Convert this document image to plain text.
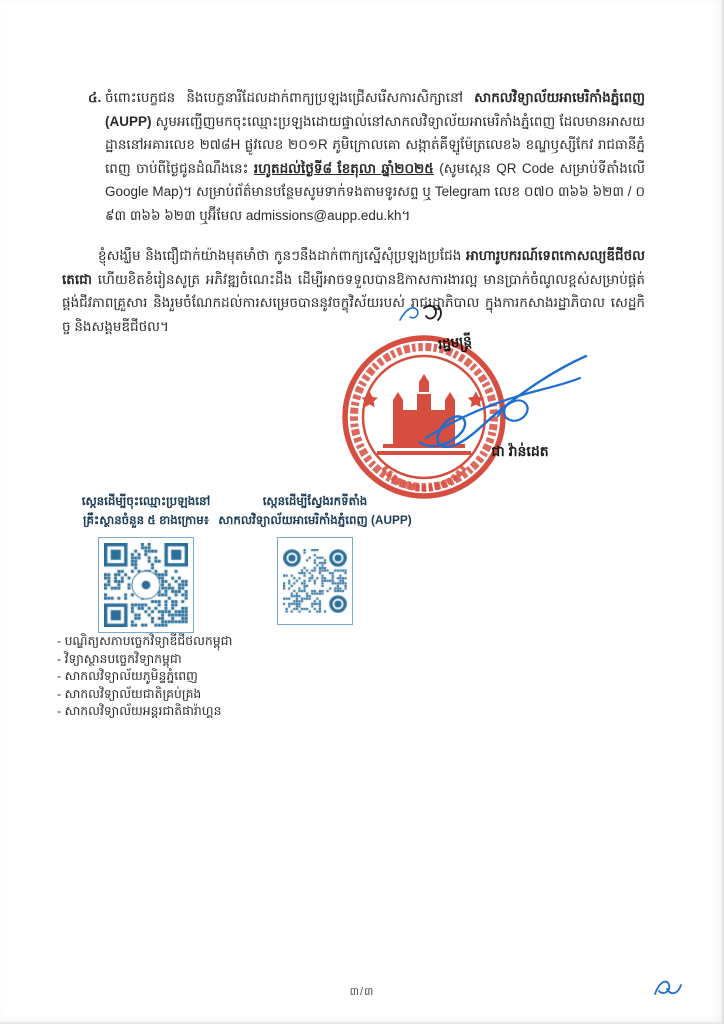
៤. ចំពោះបេក្ខជន និងបេក្ខនារីដែលដាក់ពាក្យប្រឡងជ្រើសរើសការសិក្សានៅ សាកលវិទ្យាល័យអាមេរិកាំងភ្នំពេញ (AUPP) សូមអញ្ជើញមកចុះឈ្មោះប្រឡងដោយផ្ទាល់នៅសាកលវិទ្យាល័យអាមេរិកាំងភ្នំពេញ ដែលមានអាសយដ្ឋាននៅអគារលេខ ២៧៨H ផ្លូវលេខ ២០១R ភូមិក្រោលគោ សង្កាត់គីឡូម៉ែត្រលេខ៦ ខណ្ឌឫស្សីកែវ រាជធានីភ្នំពេញ ចាប់ពីថ្ងៃជូនដំណឹងនេះ រហូតដល់ថ្ងៃទី៨ ខែតុលា ឆ្នាំ២០២៥ (សូមស្កេន QR Code សម្រាប់ទីតាំងលើ Google Map)។ សម្រាប់ព័ត៌មានបន្ថែមសូមទាក់ទងតាមទូរសព្ទ ឬ Telegram លេខ ០៧០ ៣៦៦ ៦២៣ / ០៩៣ ៣៦៦ ៦២៣ ឬអ៊ីមែល admissions@aupp.edu.kh។
ខ្ញុំសង្ឃឹម និងជឿជាក់យ៉ាងមុតមាំថា កូនៗនឹងដាក់ពាក្យស្នើសុំប្រឡងប្រជែង អាហារូបករណ៍ទេពកោសល្យឌីជីថលតេជោ ហើយខិតខំរៀនសូត្រ អភិវឌ្ឍចំណេះដឹង ដើម្បីអាចទទួលបានឱកាសការងារល្អ មានប្រាក់ចំណូលខ្ពស់សម្រាប់ផ្គត់ផ្គង់ជីវភាពគ្រួសារ និងរួមចំណែកដល់ការសម្រេចបាននូវចក្ខុវិស័យរបស់ រាជរដ្ឋាភិបាល ក្នុងការកសាងរដ្ឋាភិបាល សេដ្ឋកិច្ច និងសង្គមឌីជីថល។
រដ្ឋមន្ត្រី
ជា វ៉ាន់ដេត
ស្កេនដើម្បីចុះឈ្មោះប្រឡងនៅ
គ្រឹះស្ថានចំនួន ៥ ខាងក្រោម៖
ស្កេនដើម្បីស្វែងរកទីតាំង
សាកលវិទ្យាល័យអាមេរិកាំងភ្នំពេញ (AUPP)
- បណ្ឌិត្យសភាបច្ចេកវិទ្យាឌីជីថលកម្ពុជា
- វិទ្យាស្ថានបច្ចេកវិទ្យាកម្ពុជា
- សាកលវិទ្យាល័យភូមិន្ទភ្នំពេញ
- សាកលវិទ្យាល័យជាតិគ្រប់គ្រង
- សាកលវិទ្យាល័យអន្តរជាតិផារ៉ាហ្គន
៣/៣
